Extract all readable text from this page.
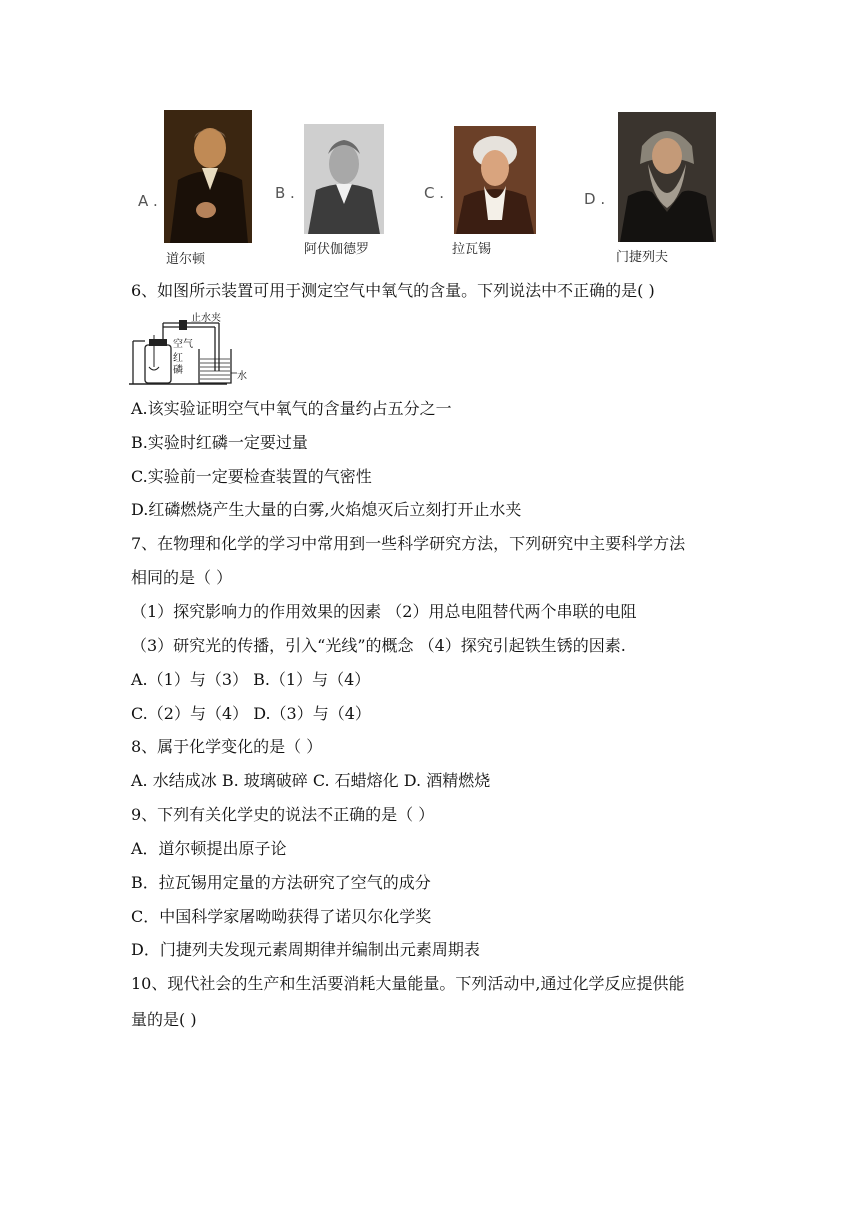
A .
道尔顿
B .
阿伏伽德罗
C .
拉瓦锡
D .
门捷列夫
6、如图所示装置可用于测定空气中氧气的含量。下列说法中不正确的是( )
止水夹
空气
红
磷
水
A.该实验证明空气中氧气的含量约占五分之一
B.实验时红磷一定要过量
C.实验前一定要检查装置的气密性
D.红磷燃烧产生大量的白雾,火焰熄灭后立刻打开止水夹
7、在物理和化学的学习中常用到一些科学研究方法，下列研究中主要科学方法
相同的是（ ）
（1）探究影响力的作用效果的因素 （2）用总电阻替代两个串联的电阻
（3）研究光的传播，引入“光线”的概念 （4）探究引起铁生锈的因素.
A.（1）与（3） B.（1）与（4）
C.（2）与（4） D.（3）与（4）
8、属于化学变化的是（ ）
A. 水结成冰 B. 玻璃破碎 C. 石蜡熔化 D. 酒精燃烧
9、下列有关化学史的说法不正确的是（ ）
A．道尔顿提出原子论
B．拉瓦锡用定量的方法研究了空气的成分
C．中国科学家屠呦呦获得了诺贝尔化学奖
D．门捷列夫发现元素周期律并编制出元素周期表
10、现代社会的生产和生活要消耗大量能量。下列活动中,通过化学反应提供能
量的是( )
